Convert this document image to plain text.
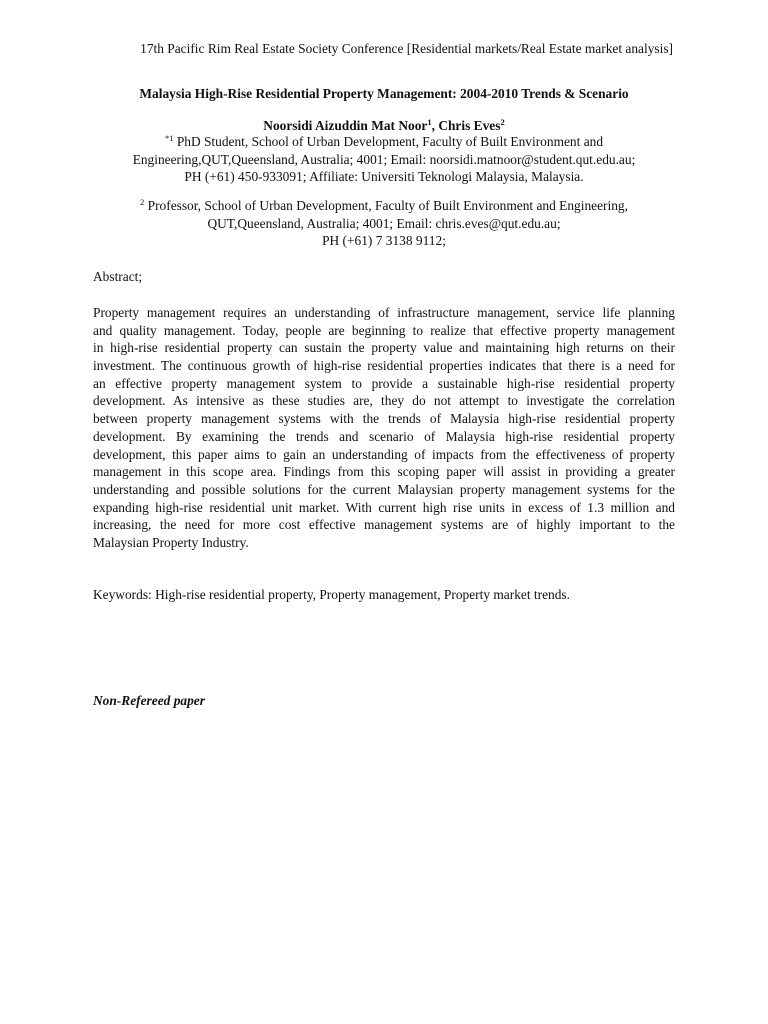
17th Pacific Rim Real Estate Society Conference [Residential markets/Real Estate market analysis]
Malaysia High-Rise Residential Property Management: 2004-2010 Trends & Scenario
Noorsidi Aizuddin Mat Noor$^1$, Chris Eves$^2$
$^{*1}$ PhD Student, School of Urban Development, Faculty of Built Environment and
Engineering,QUT,Queensland, Australia; 4001; Email: noorsidi.matnoor@student.qut.edu.au;
PH (+61) 450-933091; Affiliate: Universiti Teknologi Malaysia, Malaysia.
$^2$ Professor, School of Urban Development, Faculty of Built Environment and Engineering,
QUT,Queensland, Australia; 4001; Email: chris.eves@qut.edu.au;
PH (+61) 7 3138 9112;
Abstract;
Property management requires an understanding of infrastructure management, service life planning
and quality management. Today, people are beginning to realize that effective property management
in high-rise residential property can sustain the property value and maintaining high returns on their
investment. The continuous growth of high-rise residential properties indicates that there is a need for
an effective property management system to provide a sustainable high-rise residential property
development. As intensive as these studies are, they do not attempt to investigate the correlation
between property management systems with the trends of Malaysia high-rise residential property
development. By examining the trends and scenario of Malaysia high-rise residential property
development, this paper aims to gain an understanding of impacts from the effectiveness of property
management in this scope area. Findings from this scoping paper will assist in providing a greater
understanding and possible solutions for the current Malaysian property management systems for the
expanding high-rise residential unit market. With current high rise units in excess of 1.3 million and
increasing, the need for more cost effective management systems are of highly important to the
Malaysian Property Industry.
Keywords: High-rise residential property, Property management, Property market trends.
Non-Refereed paper
